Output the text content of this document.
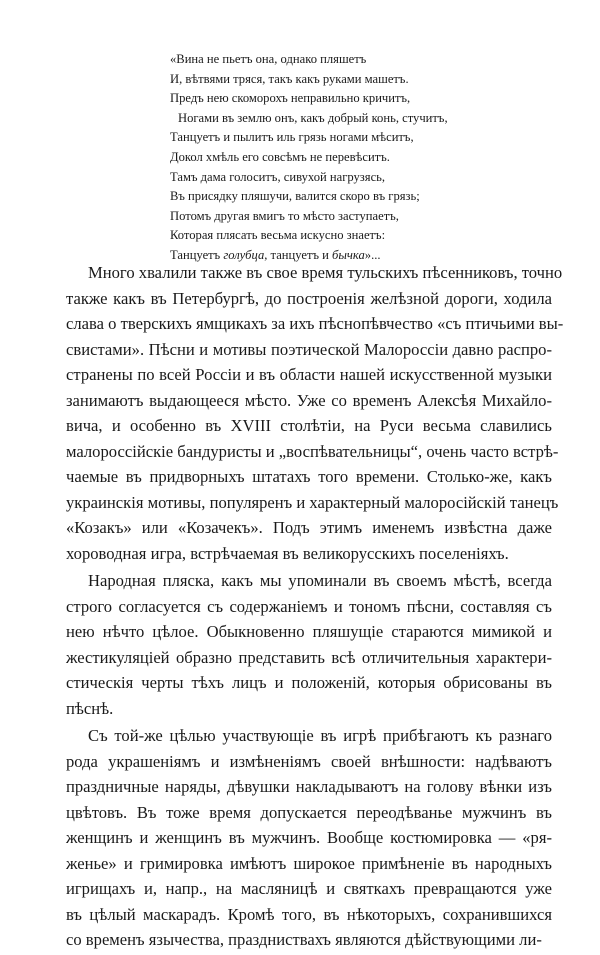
«Вина не пьетъ она, однако пляшетъ
И, вѣтвями тряся, такъ какъ руками машетъ.
Предъ нею скоморохъ неправильно кричитъ,
Ногами въ землю онъ, какъ добрый конь, стучитъ,
Танцуетъ и пылитъ иль грязь ногами мѣситъ,
Докол хмѣль его совсѣмъ не перевѣситъ.
Тамъ дама голоситъ, сивухой нагрузясь,
Въ присядку пляшучи, валится скоро въ грязь;
Потомъ другая вмигъ то мѣсто заступаетъ,
Которая плясать весьма искусно знаетъ:
Танцуетъ голубца, танцуетъ и бычка»...
Много хвалили также въ свое время тульскихъ пѣсенниковъ, точно
также какъ въ Петербургѣ, до построенія желѣзной дороги, ходила
слава о тверскихъ ямщикахъ за ихъ пѣснопѣвчество «съ птичьими вы-
свистами». Пѣсни и мотивы поэтической Малороссіи давно распро-
странены по всей Россіи и въ области нашей искусственной музыки
занимаютъ выдающееся мѣсто. Уже со временъ Алексѣя Михайло-
вича, и особенно въ XVIII столѣтіи, на Руси весьма славились
малороссійскіе бандуристы и „воспѣвательницы“, очень часто встрѣ-
чаемые въ придворныхъ штатахъ того времени. Столько-же, какъ
украинскія мотивы, популяренъ и характерный малоросійскій танецъ
«Козакъ» или «Козачекъ». Подъ этимъ именемъ извѣстна даже
хороводная игра, встрѣчаемая въ великорусскихъ поселеніяхъ.
Народная пляска, какъ мы упоминали въ своемъ мѣстѣ, всегда
строго согласуется съ содержаніемъ и тономъ пѣсни, составляя съ
нею нѣчто цѣлое. Обыкновенно пляшущіе стараются мимикой и
жестикуляціей образно представить всѣ отличительныя характери-
стическія черты тѣхъ лицъ и положеній, которыя обрисованы въ
пѣснѣ.
Съ той-же цѣлью участвующіе въ игрѣ прибѣгаютъ къ разнаго
рода украшеніямъ и измѣненіямъ своей внѣшности: надѣваютъ
праздничные наряды, дѣвушки накладываютъ на голову вѣнки изъ
цвѣтовъ. Въ тоже время допускается переодѣванье мужчинъ въ
женщинъ и женщинъ въ мужчинъ. Вообще костюмировка — «ря-
женье» и гримировка имѣютъ широкое примѣненіе въ народныхъ
игрищахъ и, напр., на масляницѣ и святкахъ превращаются уже
въ цѣлый маскарадъ. Кромѣ того, въ нѣкоторыхъ, сохранившихся
со временъ язычества, праздниствахъ являются дѣйствующими ли-
